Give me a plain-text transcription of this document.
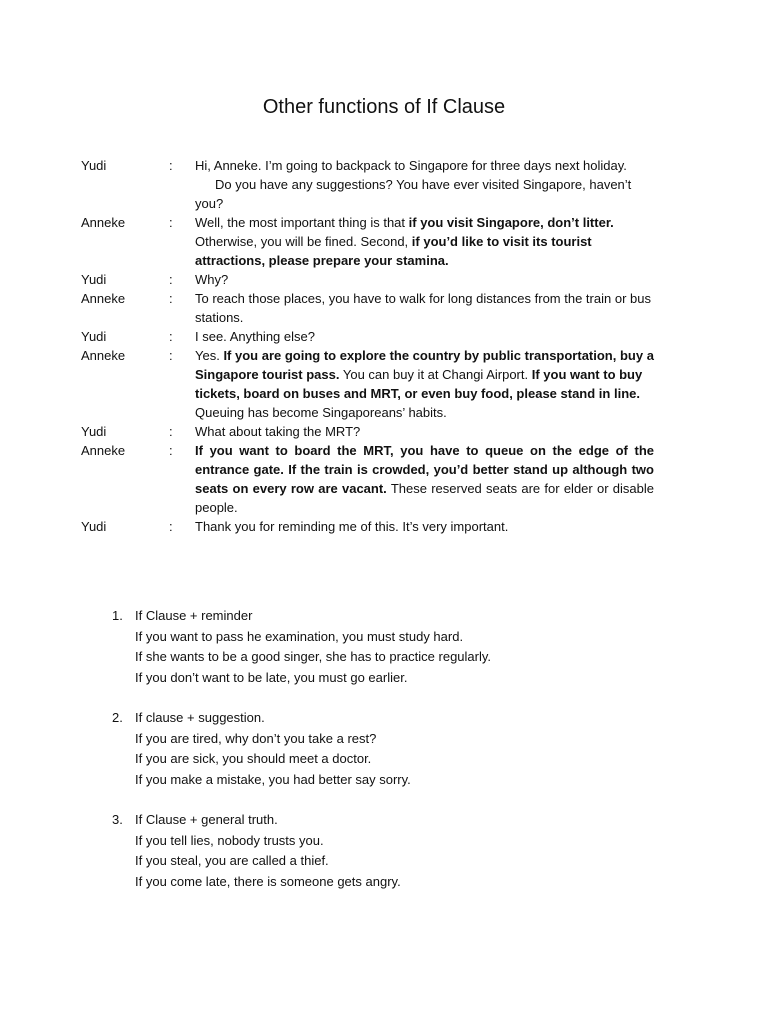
Other functions of If Clause
Yudi	: Hi, Anneke. I’m going to backpack to Singapore for three days next holiday.
Do you have any suggestions? You have ever visited Singapore, haven’t you?
Anneke	: Well, the most important thing is that if you visit Singapore, don’t litter. Otherwise, you will be fined. Second, if you’d like to visit its tourist attractions, please prepare your stamina.
Yudi	: Why?
Anneke	: To reach those places, you have to walk for long distances from the train or bus stations.
Yudi	: I see. Anything else?
Anneke	: Yes. If you are going to explore the country by public transportation, buy a Singapore tourist pass. You can buy it at Changi Airport. If you want to buy tickets, board on buses and MRT, or even buy food, please stand in line. Queuing has become Singaporeans’ habits.
Yudi	: What about taking the MRT?
Anneke	: If you want to board the MRT, you have to queue on the edge of the entrance gate. If the train is crowded, you’d better stand up although two seats on every row are vacant. These reserved seats are for elder or disable people.
Yudi	: Thank you for reminding me of this. It’s very important.
1. If Clause + reminder
If you want to pass he examination, you must study hard.
If she wants to be a good singer, she has to practice regularly.
If you don’t want to be late, you must go earlier.
2. If clause + suggestion.
If you are tired, why don’t you take a rest?
If you are sick, you should meet a doctor.
If you make a mistake, you had better say sorry.
3. If Clause + general truth.
If you tell lies, nobody trusts you.
If you steal, you are called a thief.
If you come late, there is someone gets angry.
